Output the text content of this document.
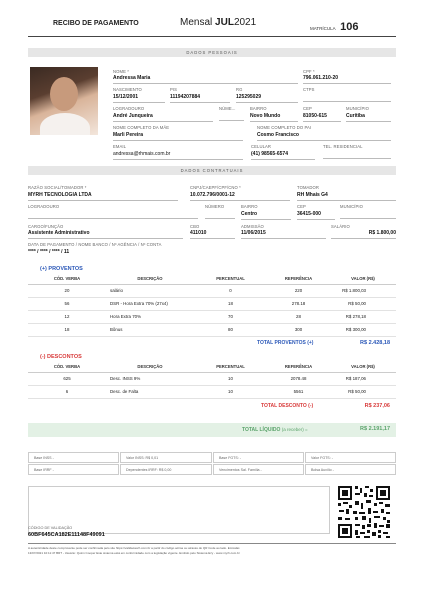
RECIBO DE PAGAMENTO	Mensal JUL2021
MATRÍCULA 106
DADOS PESSOAIS
NOME *
Andressa Maria
CPF *
796.061.210-20
NASCIMENTO
15/12/2001
PIS
11194207884
RG
125295029
CTPS
LOGRADOURO
André Junqueira
NÚME...	BAIRRO
Novo Mundo
CEP
81050-615
MUNICÍPIO
Curitiba
NOME COMPLETO DA MÃE
Marli Pereira
NOME COMPLETO DO PAI
Cosmo Francisco
EMAIL
andressa@rhmais.com.br
CELULAR
(41) 98565-6574
TEL. RESIDENCIAL
DADOS CONTRATUAIS
RAZÃO SOCIAL/TOMADOR *
MYRH TECNOLOGIA LTDA
CNPJ/CAEPF/CPF/CNO *
10.072.796/0001-12
TOMADOR
RH Mhais G4
LOGRADOURO	NÚMERO	BAIRRO
Centro
CEP
36415-000
MUNICÍPIO
CARGO/FUNÇÃO
Assistente Administrativo
CBO
411010
ADMISSÃO
11/06/2015
SALÁRIO
R$ 1.800,00
DATA DE PAGAMENTO / NOME BANCO / Nº AGÊNCIA / Nº CONTA
**** / **** / **** / 11
(+) PROVENTOS
CÓD. VERBA	DESCRIÇÃO	PERCENTUAL	REFERÊNCIA	VALOR (R$)
20	salário	0	220	R$ 1.800,03
56	DSR - Hora Extra 70% (27x4)	18	278.18	R$ 50,00
12	Hora Extra 70%	70	28	R$ 278,18
18	Bônus	80	300	R$ 300,00
TOTAL PROVENTOS (+)	R$ 2.428,18
(-) DESCONTOS
CÓD. VERBA	DESCRIÇÃO	PERCENTUAL	REFERÊNCIA	VALOR (R$)
625	Desc. INSS 9%	10	2078.48	R$ 187,06
6	Desc. de Falta	10	5561	R$ 50,00
TOTAL DESCONTO (-)	R$ 237,06
TOTAL LÍQUIDO (a receber) =	R$ 2.191,17
Base INSS -	Valor INSS: R$ 0,01	Base FGTS: -	Valor FGTS: -
Base IRRF -	Dependentes IRRF: R$ 0,00	Vencimentos Sal. Família -	Bolsa Auxílio -
CÓDIGO DE VALIDAÇÃO
60BF645CA182E11148F49091
A autenticidade deste comprovante pode ser confirmada pelo site https://validacaorh.com.br a partir do código acima ou através do QR Code ao lado. Emissão:
13/07/2021 10:11:47 BRT - Usuário: Quinn Cooper Este sistema está em conformidade com a legislação vigente. Emitido pelo Sistema Ezy - www.myrh.com.br
